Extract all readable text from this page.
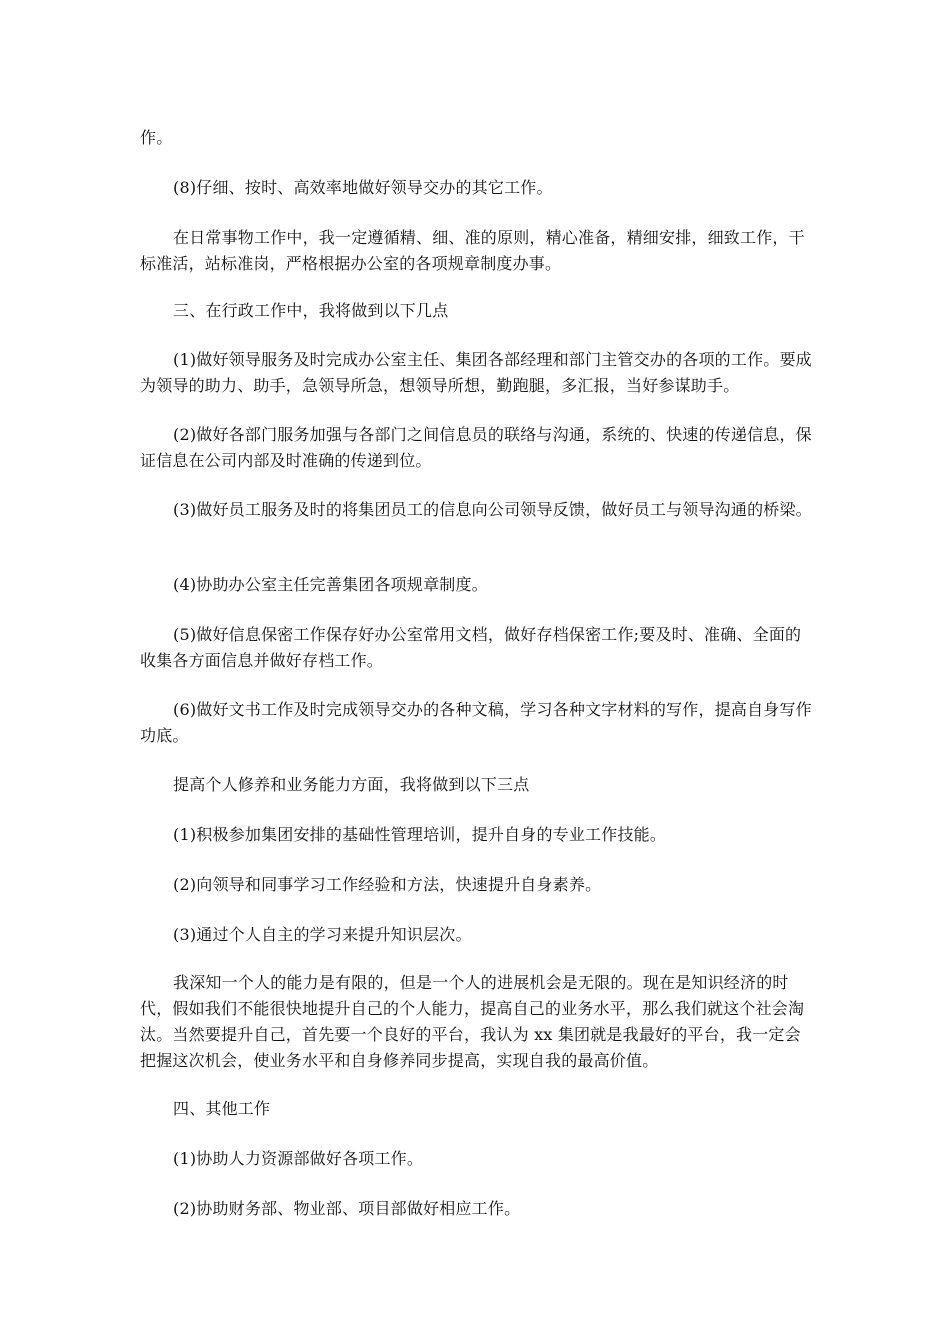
作。

(8)仔细、按时、高效率地做好领导交办的其它工作。

在日常事物工作中，我一定遵循精、细、准的原则，精心准备，精细安排，细致工作，干标准活，站标准岗，严格根据办公室的各项规章制度办事。

三、在行政工作中，我将做到以下几点

(1)做好领导服务及时完成办公室主任、集团各部经理和部门主管交办的各项的工作。要成为领导的助力、助手，急领导所急，想领导所想，勤跑腿，多汇报，当好参谋助手。

(2)做好各部门服务加强与各部门之间信息员的联络与沟通，系统的、快速的传递信息，保证信息在公司内部及时准确的传递到位。

(3)做好员工服务及时的将集团员工的信息向公司领导反馈，做好员工与领导沟通的桥梁。

(4)协助办公室主任完善集团各项规章制度。

(5)做好信息保密工作保存好办公室常用文档，做好存档保密工作;要及时、准确、全面的收集各方面信息并做好存档工作。

(6)做好文书工作及时完成领导交办的各种文稿，学习各种文字材料的写作，提高自身写作功底。

提高个人修养和业务能力方面，我将做到以下三点

(1)积极参加集团安排的基础性管理培训，提升自身的专业工作技能。

(2)向领导和同事学习工作经验和方法，快速提升自身素养。

(3)通过个人自主的学习来提升知识层次。

我深知一个人的能力是有限的，但是一个人的进展机会是无限的。现在是知识经济的时代，假如我们不能很快地提升自己的个人能力，提高自己的业务水平，那么我们就这个社会淘汰。当然要提升自己，首先要一个良好的平台，我认为 xx 集团就是我最好的平台，我一定会把握这次机会，使业务水平和自身修养同步提高，实现自我的最高价值。

四、其他工作

(1)协助人力资源部做好各项工作。

(2)协助财务部、物业部、项目部做好相应工作。
